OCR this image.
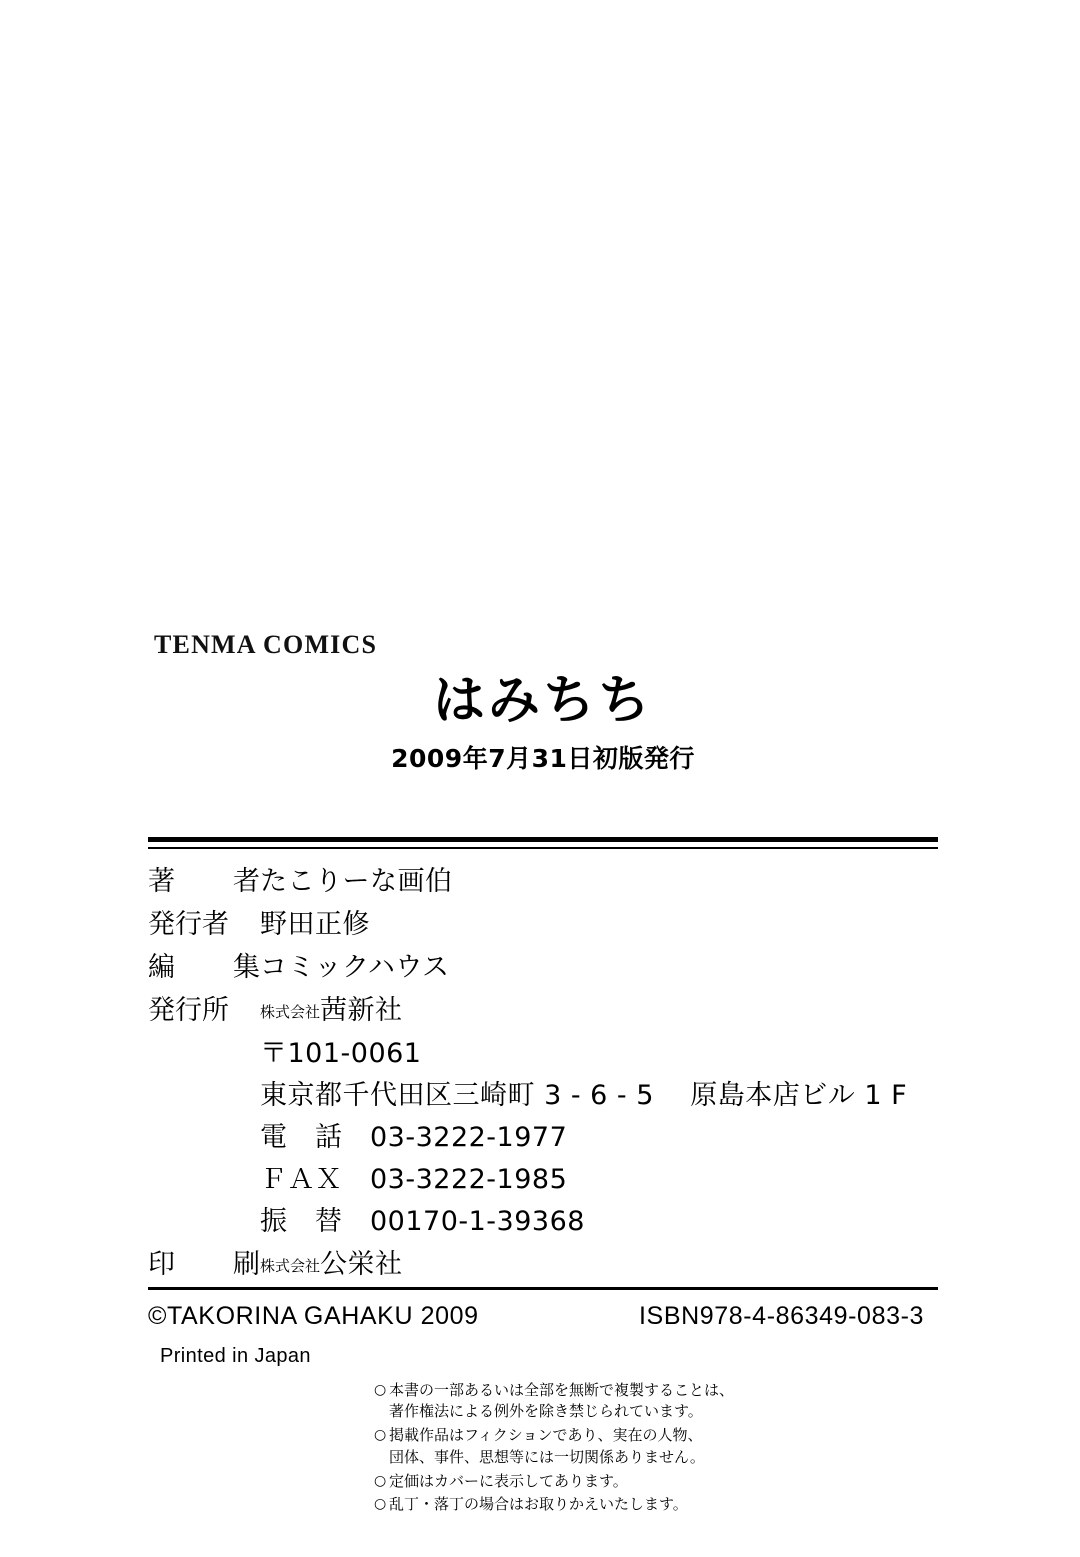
TENMA COMICS
はみちち
2009年7月31日初版発行
著 者 たこりーな画伯
発行者 野田正修
編 集 コミックハウス
発行所 株式会社茜新社
〒101-0061
東京都千代田区三崎町 3 - 6 - 5    原島本店ビル 1 F
電　話　03-3222-1977
ＦＡＸ　03-3222-1985
振　替　00170-1-39368
印 刷 株式会社公栄社
©TAKORINA GAHAKU 2009	ISBN978-4-86349-083-3
Printed in Japan
○ 本書の一部あるいは全部を無断で複製することは、
著作権法による例外を除き禁じられています。
○ 掲載作品はフィクションであり、実在の人物、
団体、事件、思想等には一切関係ありません。
○ 定価はカバーに表示してあります。
○ 乱丁・落丁の場合はお取りかえいたします。
